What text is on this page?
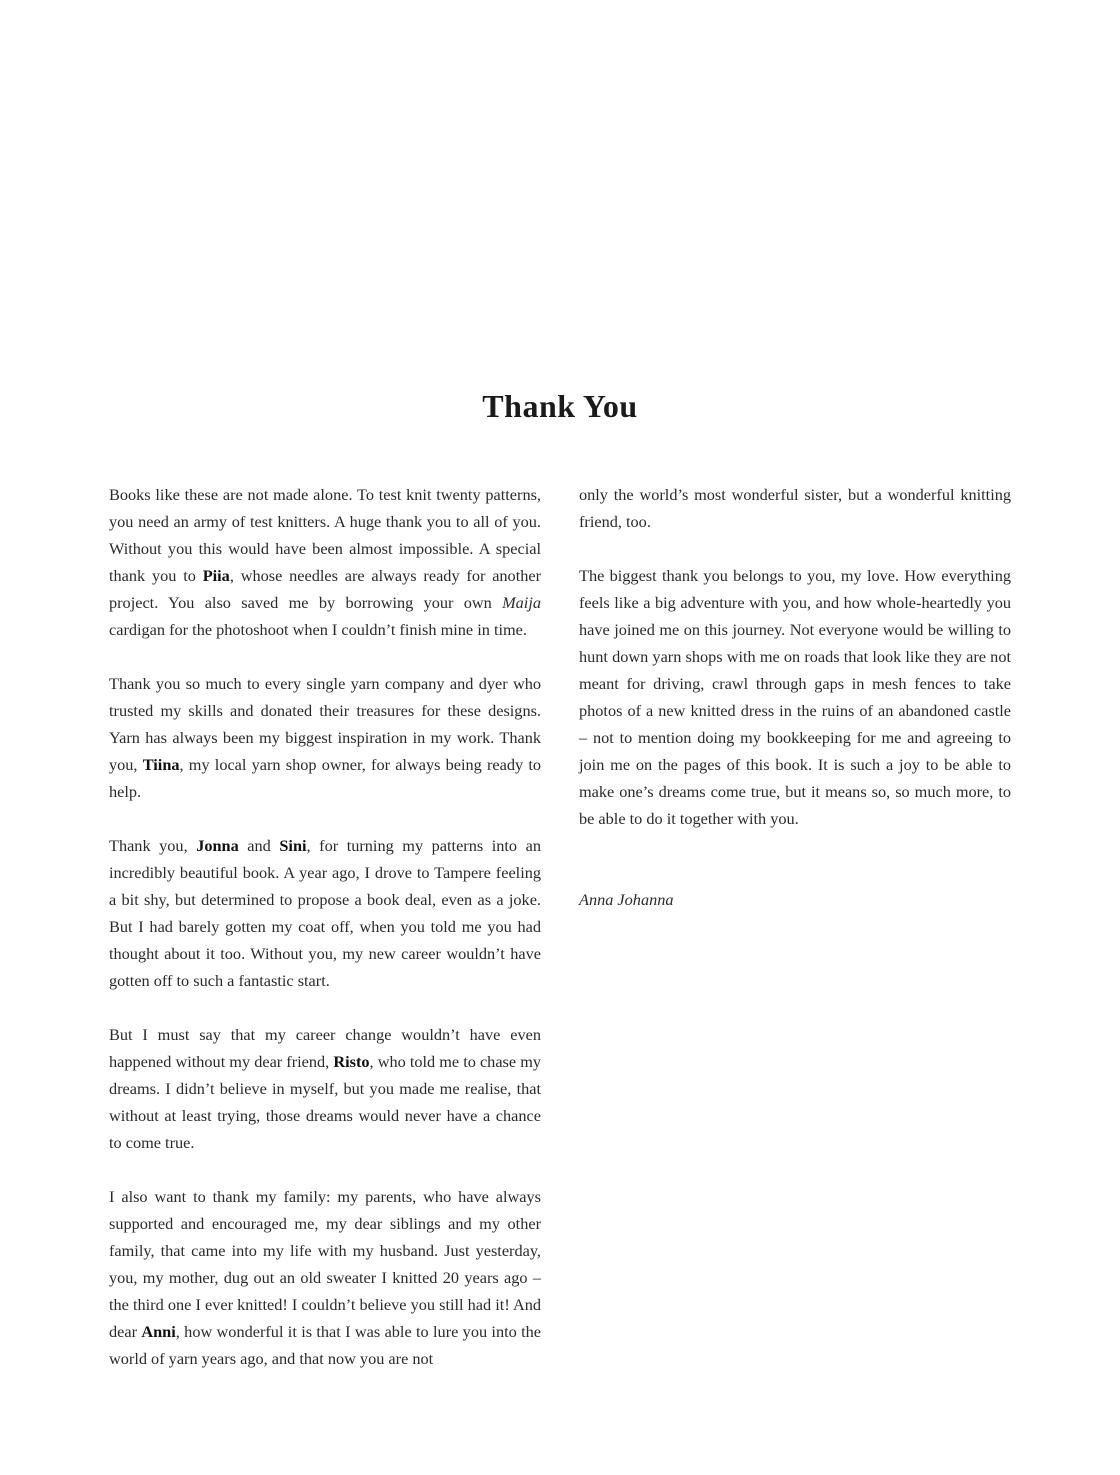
Thank You

Books like these are not made alone. To test knit twenty patterns, you need an army of test knitters. A huge thank you to all of you. Without you this would have been almost impossible. A special thank you to Piia, whose needles are always ready for another project. You also saved me by borrowing your own Maija cardigan for the photoshoot when I couldn’t finish mine in time.

Thank you so much to every single yarn company and dyer who trusted my skills and donated their treasures for these designs. Yarn has always been my biggest inspiration in my work. Thank you, Tiina, my local yarn shop owner, for always being ready to help.

Thank you, Jonna and Sini, for turning my patterns into an incredibly beautiful book. A year ago, I drove to Tampere feeling a bit shy, but determined to propose a book deal, even as a joke. But I had barely gotten my coat off, when you told me you had thought about it too. Without you, my new career wouldn’t have gotten off to such a fantastic start.

But I must say that my career change wouldn’t have even happened without my dear friend, Risto, who told me to chase my dreams. I didn’t believe in myself, but you made me realise, that without at least trying, those dreams would never have a chance to come true.

I also want to thank my family: my parents, who have always supported and encouraged me, my dear siblings and my other family, that came into my life with my husband. Just yesterday, you, my mother, dug out an old sweater I knitted 20 years ago – the third one I ever knitted! I couldn’t believe you still had it! And dear Anni, how wonderful it is that I was able to lure you into the world of yarn years ago, and that now you are not

only the world’s most wonderful sister, but a wonderful knitting friend, too.

The biggest thank you belongs to you, my love. How everything feels like a big adventure with you, and how whole-heartedly you have joined me on this journey. Not everyone would be willing to hunt down yarn shops with me on roads that look like they are not meant for driving, crawl through gaps in mesh fences to take photos of a new knitted dress in the ruins of an abandoned castle – not to mention doing my bookkeeping for me and agreeing to join me on the pages of this book. It is such a joy to be able to make one’s dreams come true, but it means so, so much more, to be able to do it together with you.

Anna Johanna
